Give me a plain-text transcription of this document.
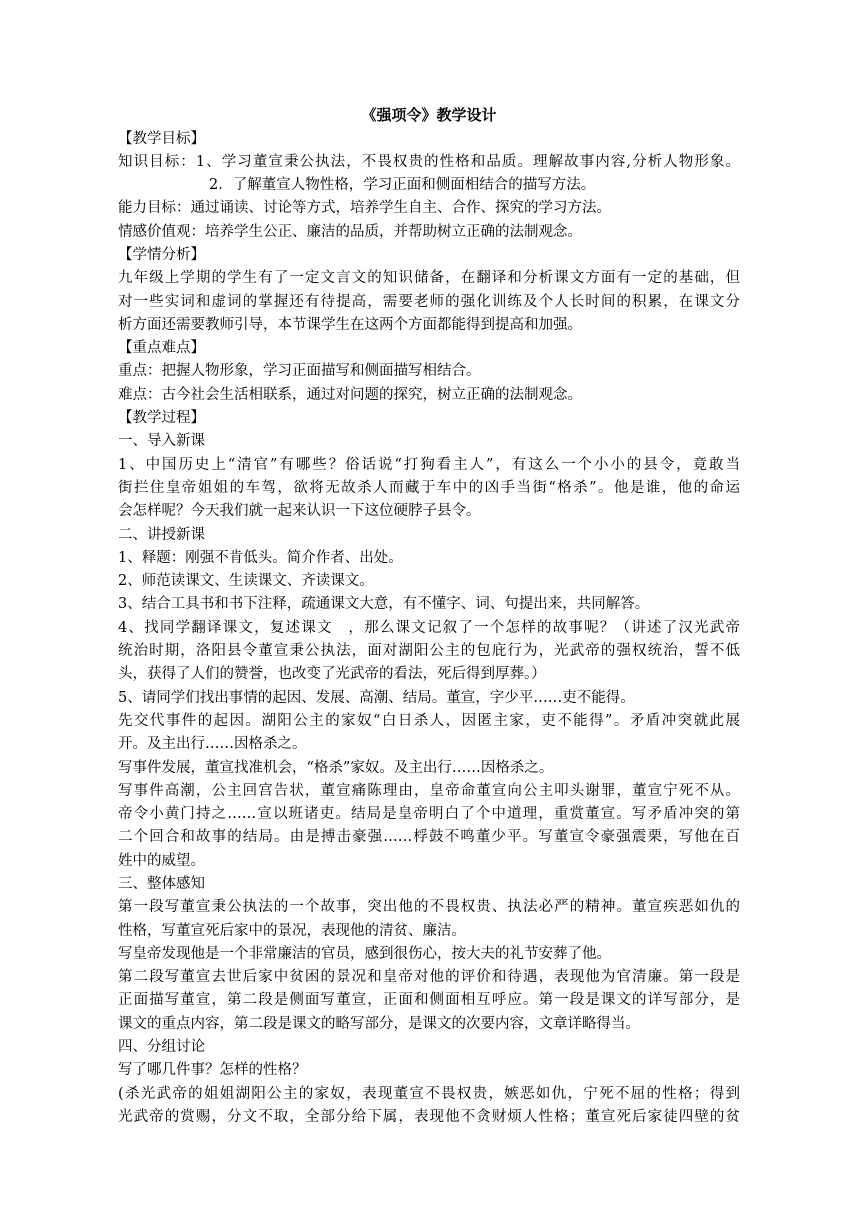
《强项令》教学设计

【教学目标】

知识目标：1、学习董宣秉公执法，不畏权贵的性格和品质。理解故事内容,分析人物形象。

2．了解董宣人物性格，学习正面和侧面相结合的描写方法。

能力目标：通过诵读、讨论等方式，培养学生自主、合作、探究的学习方法。

情感价值观：培养学生公正、廉洁的品质，并帮助树立正确的法制观念。

【学情分析】

九年级上学期的学生有了一定文言文的知识储备，在翻译和分析课文方面有一定的基础，但

对一些实词和虚词的掌握还有待提高，需要老师的强化训练及个人长时间的积累，在课文分

析方面还需要教师引导，本节课学生在这两个方面都能得到提高和加强。

【重点难点】

重点：把握人物形象，学习正面描写和侧面描写相结合。

难点：古今社会生活相联系，通过对问题的探究，树立正确的法制观念。

【教学过程】

一、导入新课

1、中国历史上“清官”有哪些？俗话说“打狗看主人”，有这么一个小小的县令，竟敢当

街拦住皇帝姐姐的车驾，欲将无故杀人而藏于车中的凶手当街“格杀”。他是谁，他的命运

会怎样呢？今天我们就一起来认识一下这位硬脖子县令。

二、讲授新课

1、释题：刚强不肯低头。简介作者、出处。

2、师范读课文、生读课文、齐读课文。

3、结合工具书和书下注释，疏通课文大意，有不懂字、词、句提出来，共同解答。

4、找同学翻译课文，复述课文　，那么课文记叙了一个怎样的故事呢？（讲述了汉光武帝

统治时期，洛阳县令董宣秉公执法，面对湖阳公主的包庇行为，光武帝的强权统治，誓不低

头，获得了人们的赞誉，也改变了光武帝的看法，死后得到厚葬。）

5、请同学们找出事情的起因、发展、高潮、结局。董宣，字少平……吏不能得。

先交代事件的起因。湖阳公主的家奴“白日杀人，因匿主家，吏不能得”。矛盾冲突就此展

开。及主出行……因格杀之。

写事件发展，董宣找准机会，“格杀”家奴。及主出行……因格杀之。

写事件高潮，公主回宫告状，董宣痛陈理由，皇帝命董宣向公主叩头谢罪，董宣宁死不从。

帝令小黄门持之……宣以班诸吏。结局是皇帝明白了个中道理，重赏董宣。写矛盾冲突的第

二个回合和故事的结局。由是搏击豪强……桴鼓不鸣董少平。写董宣令豪强震栗，写他在百

姓中的威望。

三、整体感知

第一段写董宣秉公执法的一个故事，突出他的不畏权贵、执法必严的精神。董宣疾恶如仇的

性格，写董宣死后家中的景况，表现他的清贫、廉洁。

写皇帝发现他是一个非常廉洁的官员，感到很伤心，按大夫的礼节安葬了他。

第二段写董宣去世后家中贫困的景况和皇帝对他的评价和待遇，表现他为官清廉。第一段是

正面描写董宣，第二段是侧面写董宣，正面和侧面相互呼应。第一段是课文的详写部分，是

课文的重点内容，第二段是课文的略写部分，是课文的次要内容，文章详略得当。

四、分组讨论

写了哪几件事？怎样的性格？

(杀光武帝的姐姐湖阳公主的家奴，表现董宣不畏权贵，嫉恶如仇，宁死不屈的性格；得到

光武帝的赏赐，分文不取，全部分给下属，表现他不贪财烦人性格；董宣死后家徒四壁的贫
